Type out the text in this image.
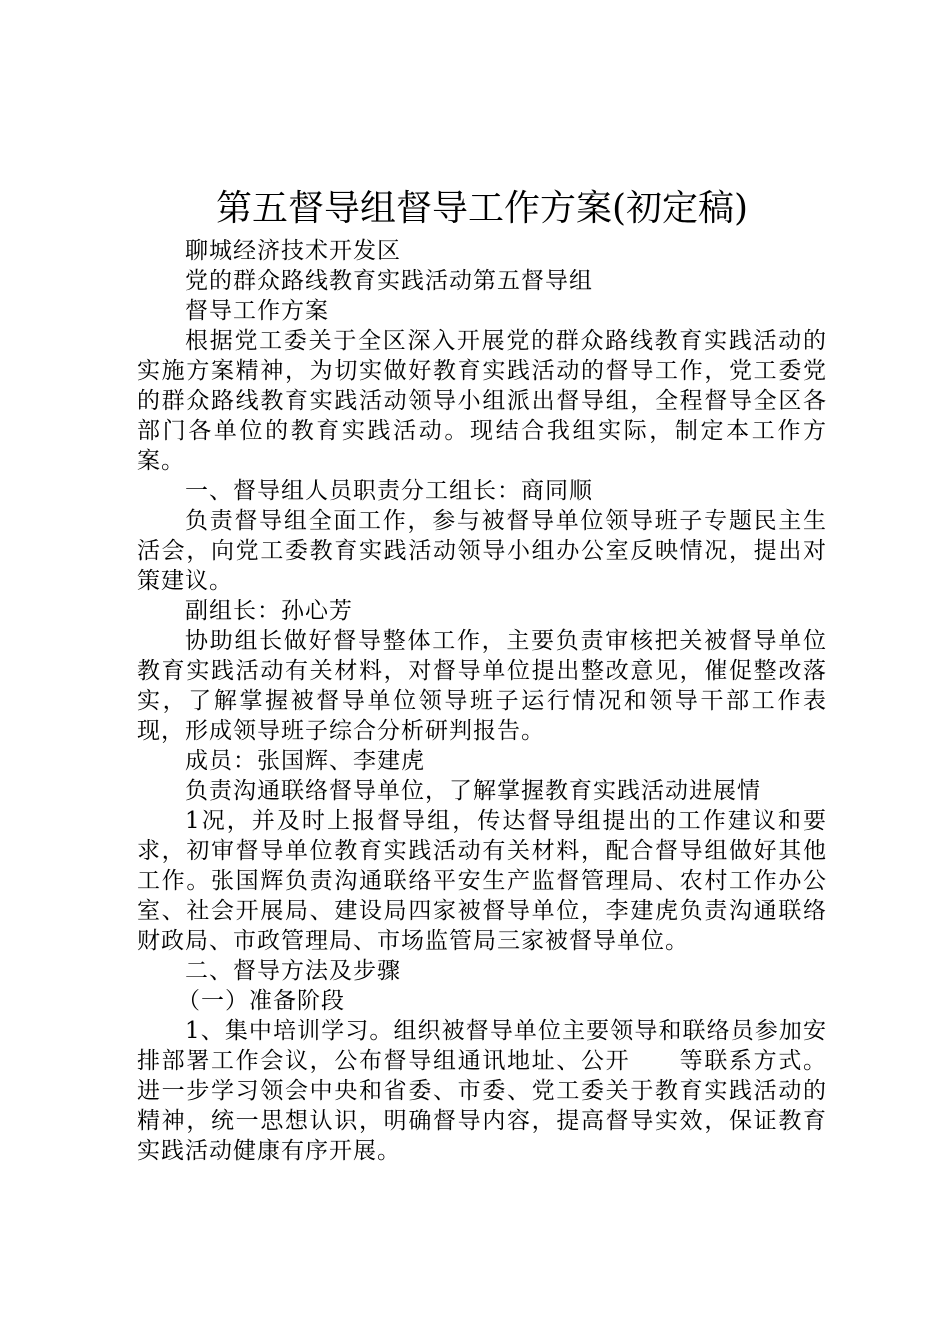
第五督导组督导工作方案(初定稿)

聊城经济技术开发区

党的群众路线教育实践活动第五督导组

督导工作方案

根据党工委关于全区深入开展党的群众路线教育实践活动的实施方案精神，为切实做好教育实践活动的督导工作，党工委党的群众路线教育实践活动领导小组派出督导组，全程督导全区各部门各单位的教育实践活动。现结合我组实际，制定本工作方案。

一、督导组人员职责分工组长：商同顺

负责督导组全面工作，参与被督导单位领导班子专题民主生活会，向党工委教育实践活动领导小组办公室反映情况，提出对策建议。

副组长：孙心芳

协助组长做好督导整体工作，主要负责审核把关被督导单位教育实践活动有关材料，对督导单位提出整改意见，催促整改落实，了解掌握被督导单位领导班子运行情况和领导干部工作表现，形成领导班子综合分析研判报告。

成员：张国辉、李建虎

负责沟通联络督导单位，了解掌握教育实践活动进展情

1况，并及时上报督导组，传达督导组提出的工作建议和要求，初审督导单位教育实践活动有关材料，配合督导组做好其他工作。张国辉负责沟通联络平安生产监督管理局、农村工作办公室、社会开展局、建设局四家被督导单位，李建虎负责沟通联络财政局、市政管理局、市场监管局三家被督导单位。

二、督导方法及步骤

（一）准备阶段

1、集中培训学习。组织被督导单位主要领导和联络员参加安排部署工作会议，公布督导组通讯地址、公开　　等联系方式。进一步学习领会中央和省委、市委、党工委关于教育实践活动的精神，统一思想认识，明确督导内容，提高督导实效，保证教育实践活动健康有序开展。
